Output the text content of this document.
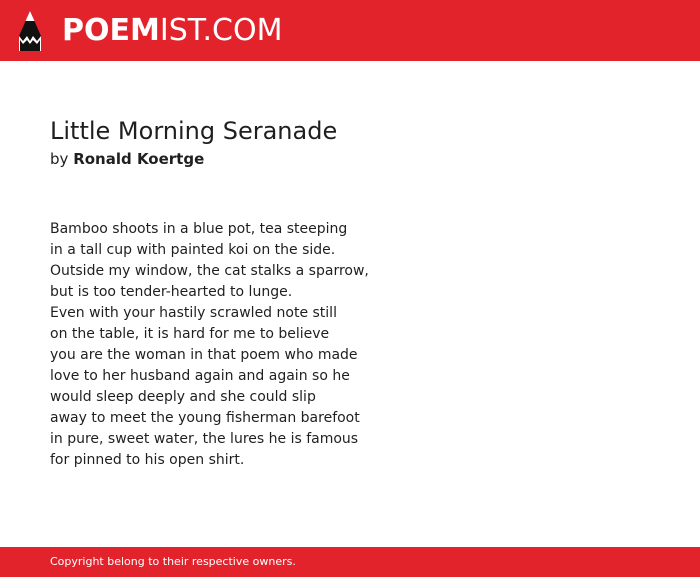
POEMIST.COM
Little Morning Seranade
by Ronald Koertge
Bamboo shoots in a blue pot, tea steeping
in a tall cup with painted koi on the side.
Outside my window, the cat stalks a sparrow,
but is too tender-hearted to lunge.
Even with your hastily scrawled note still
on the table, it is hard for me to believe
you are the woman in that poem who made
love to her husband again and again so he
would sleep deeply and she could slip
away to meet the young fisherman barefoot
in pure, sweet water, the lures he is famous
for pinned to his open shirt.
Copyright belong to their respective owners.
